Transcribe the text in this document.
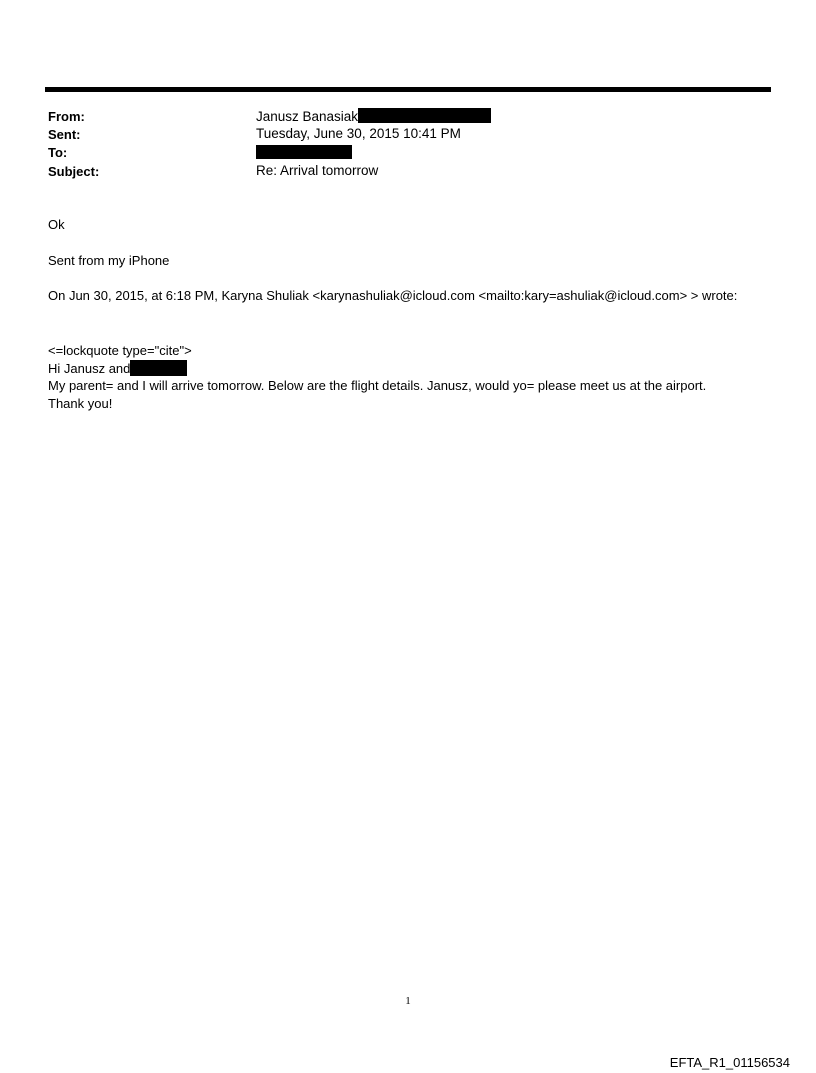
From:	Janusz Banasiak
Sent:	Tuesday, June 30, 2015 10:41 PM
To:
Subject:	Re: Arrival tomorrow
Ok
Sent from my iPhone
On Jun 30, 2015, at 6:18 PM, Karyna Shuliak <karynashuliak@icloud.com <mailto:kary=ashuliak@icloud.com> > wrote:
<=lockquote type="cite">
Hi Janusz and
My parent= and I will arrive tomorrow. Below are the flight details. Janusz, would yo= please meet us at the airport.
Thank you!
1
EFTA_R1_01156534
